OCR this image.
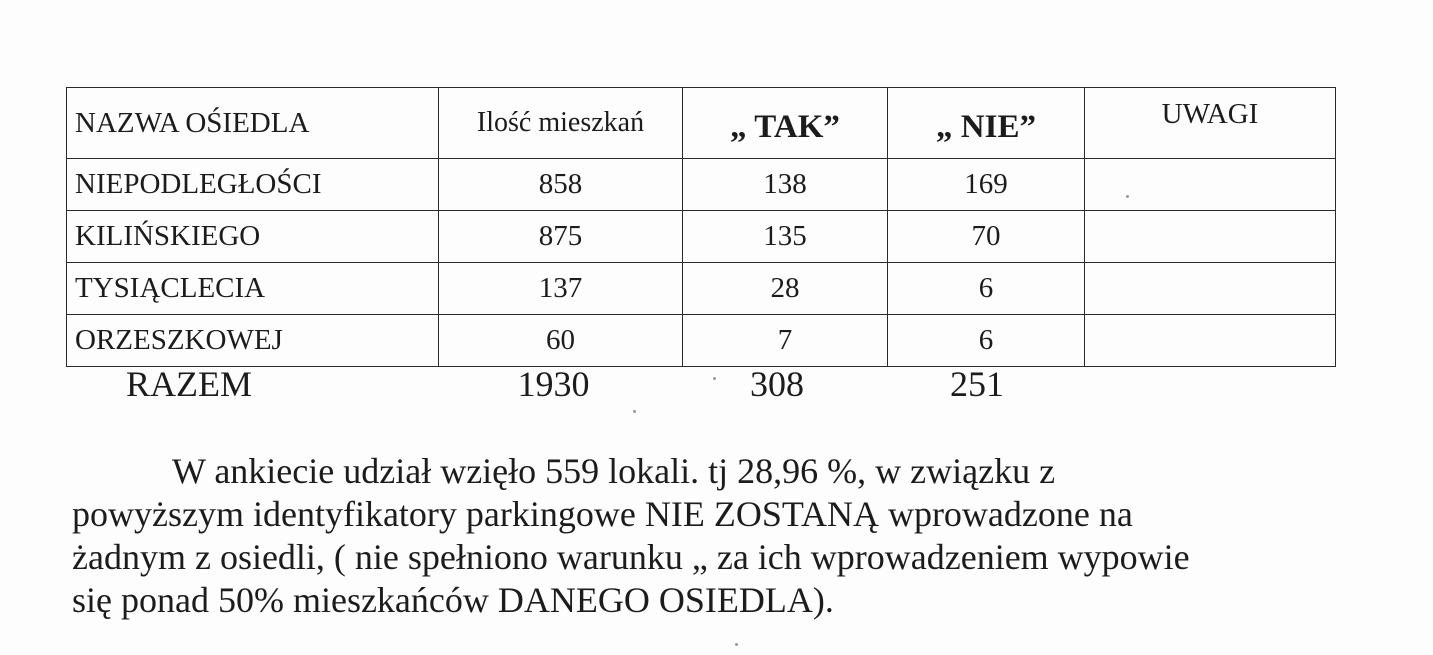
NAZWA OŚIEDLA	Ilość mieszkań	„ TAK”	„ NIE”	UWAGI
NIEPODLEGŁOŚCI	858	138	169	
KILIŃSKIEGO	875	135	70	
TYSIĄCLECIA	137	28	6	
ORZESZKOWEJ	60	7	6	
RAZEM	1930	308	251

W ankiecie udział wzięło 559 lokali. tj 28,96 %, w związku z

powyższym identyfikatory parkingowe NIE ZOSTANĄ wprowadzone na

żadnym z osiedli, ( nie spełniono warunku „ za ich wprowadzeniem wypowie

się ponad 50% mieszkańców DANEGO OSIEDLA).
